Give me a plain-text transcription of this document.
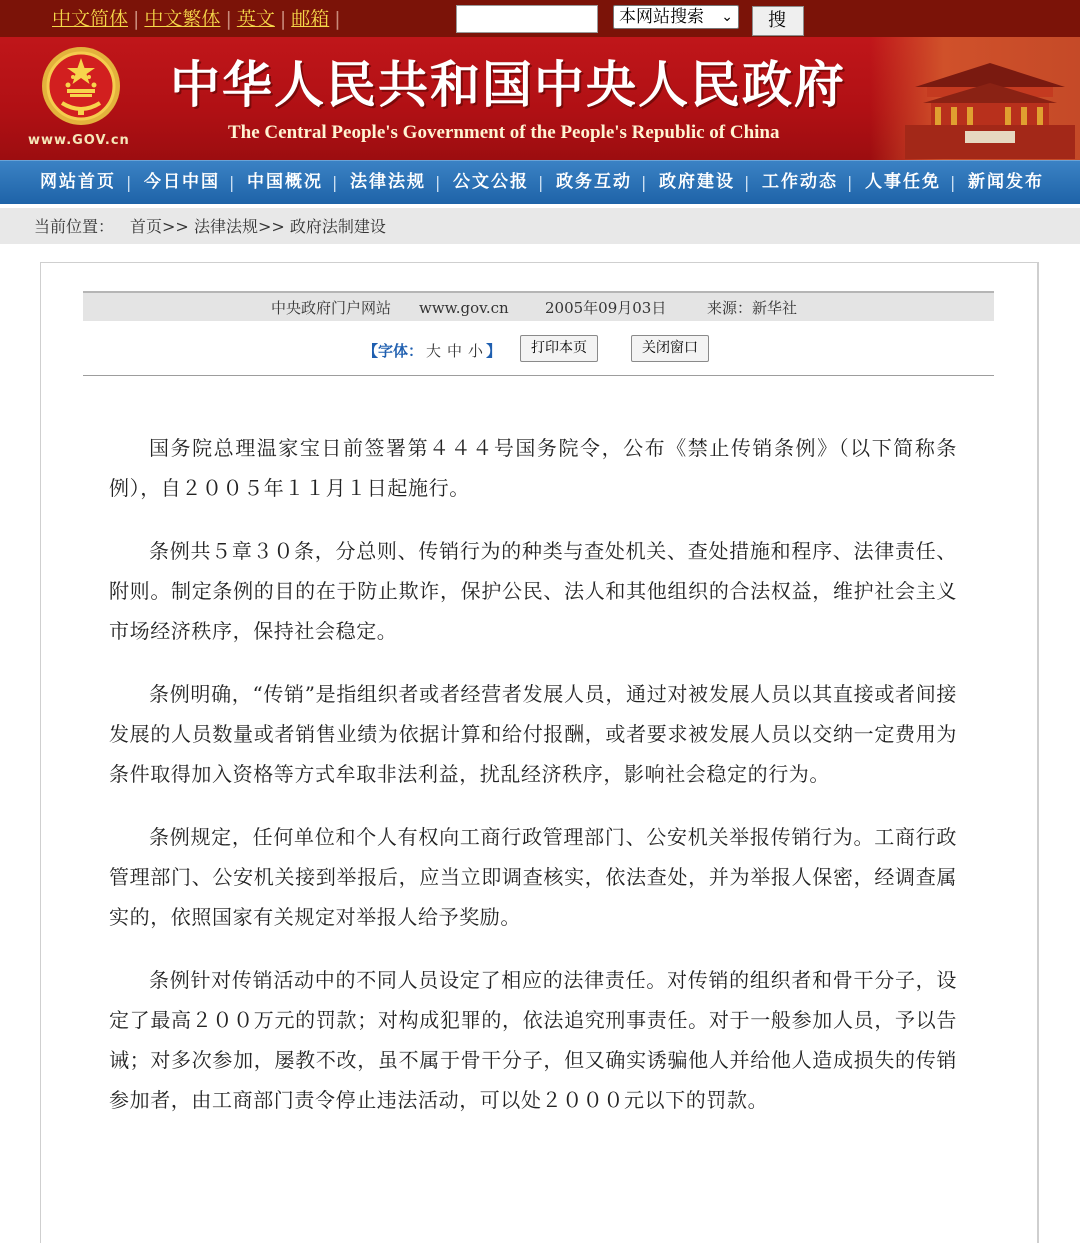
中文简体 | 中文繁体 | 英文 | 邮箱 |	本网站搜索 ⌄	搜
www.GOV.cn
中华人民共和国中央人民政府
The Central People's Government of the People's Republic of China
网站首页 | 今日中国 | 中国概况 | 法律法规 | 公文公报 | 政务互动 | 政府建设 | 工作动态 | 人事任免 | 新闻发布
当前位置： 首页>> 法律法规>> 政府法制建设
中央政府门户网站 www.gov.cn 2005年09月03日	来源：新华社
【字体： 大 中 小 】	打印本页	关闭窗口

国务院总理温家宝日前签署第４４４号国务院令，公布《禁止传销条例》（以下简称条例），自２００５年１１月１日起施行。

条例共５章３０条，分总则、传销行为的种类与查处机关、查处措施和程序、法律责任、附则。制定条例的目的在于防止欺诈，保护公民、法人和其他组织的合法权益，维护社会主义市场经济秩序，保持社会稳定。

条例明确，“传销”是指组织者或者经营者发展人员，通过对被发展人员以其直接或者间接发展的人员数量或者销售业绩为依据计算和给付报酬，或者要求被发展人员以交纳一定费用为条件取得加入资格等方式牟取非法利益，扰乱经济秩序，影响社会稳定的行为。

条例规定，任何单位和个人有权向工商行政管理部门、公安机关举报传销行为。工商行政管理部门、公安机关接到举报后，应当立即调查核实，依法查处，并为举报人保密，经调查属实的，依照国家有关规定对举报人给予奖励。

条例针对传销活动中的不同人员设定了相应的法律责任。对传销的组织者和骨干分子，设定了最高２００万元的罚款；对构成犯罪的，依法追究刑事责任。对于一般参加人员，予以告诫；对多次参加，屡教不改，虽不属于骨干分子，但又确实诱骗他人并给他人造成损失的传销参加者，由工商部门责令停止违法活动，可以处２０００元以下的罚款。
